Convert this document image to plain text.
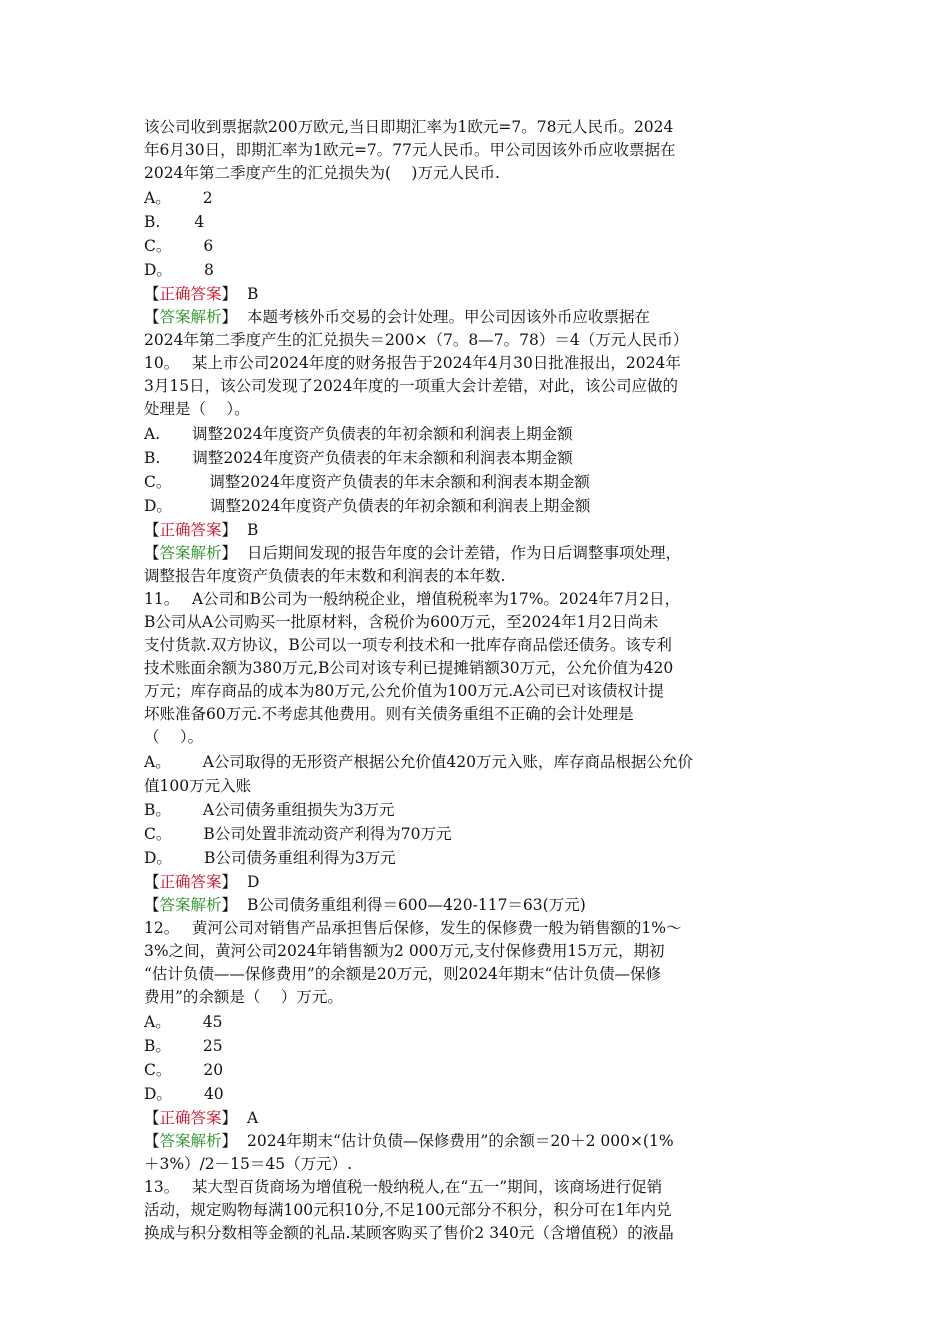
该公司收到票据款200万欧元,当日即期汇率为1欧元=7。78元人民币。2024
年6月30日，即期汇率为1欧元=7。77元人民币。甲公司因该外币应收票据在
2024年第二季度产生的汇兑损失为(　 )万元人民币.
A。 2
B. 4
C。 6
D。 8
【正确答案】 B
【答案解析】 本题考核外币交易的会计处理。甲公司因该外币应收票据在
2024年第二季度产生的汇兑损失＝200×（7。8—7。78）＝4（万元人民币）
10。　 某上市公司2024年度的财务报告于2024年4月30日批准报出，2024年
3月15日，该公司发现了2024年度的一项重大会计差错，对此，该公司应做的
处理是（　 ）。
A. 调整2024年度资产负债表的年初余额和利润表上期金额
B. 调整2024年度资产负债表的年末余额和利润表本期金额
C。 调整2024年度资产负债表的年末余额和利润表本期金额
D。 调整2024年度资产负债表的年初余额和利润表上期金额
【正确答案】 B
【答案解析】 日后期间发现的报告年度的会计差错，作为日后调整事项处理，
调整报告年度资产负债表的年末数和利润表的本年数.
11。　 A公司和B公司为一般纳税企业，增值税税率为17%。2024年7月2日，
B公司从A公司购买一批原材料，含税价为600万元，至2024年1月2日尚未
支付货款.双方协议，B公司以一项专利技术和一批库存商品偿还债务。该专利
技术账面余额为380万元,B公司对该专利已提摊销额30万元，公允价值为420
万元；库存商品的成本为80万元,公允价值为100万元.A公司已对该债权计提
坏账准备60万元.不考虑其他费用。则有关债务重组不正确的会计处理是
（　 ）。
A。 A公司取得的无形资产根据公允价值420万元入账，库存商品根据公允价
值100万元入账
B。 A公司债务重组损失为3万元
C。 B公司处置非流动资产利得为70万元
D。 B公司债务重组利得为3万元
【正确答案】 D
【答案解析】 B公司债务重组利得＝600—420-117＝63(万元)
12。　 黄河公司对销售产品承担售后保修，发生的保修费一般为销售额的1%～
3%之间，黄河公司2024年销售额为2 000万元,支付保修费用15万元，期初
“估计负债——保修费用”的余额是20万元，则2024年期末“估计负债—保修
费用”的余额是（　 ）万元。
A。 45
B。 25
C。 20
D。 40
【正确答案】 A
【答案解析】 2024年期末“估计负债—保修费用”的余额＝20＋2 000×(1%
＋3%）/2－15＝45（万元）.
13。　 某大型百货商场为增值税一般纳税人,在“五一”期间，该商场进行促销
活动，规定购物每满100元积10分,不足100元部分不积分，积分可在1年内兑
换成与积分数相等金额的礼品.某顾客购买了售价2 340元（含增值税）的液晶
